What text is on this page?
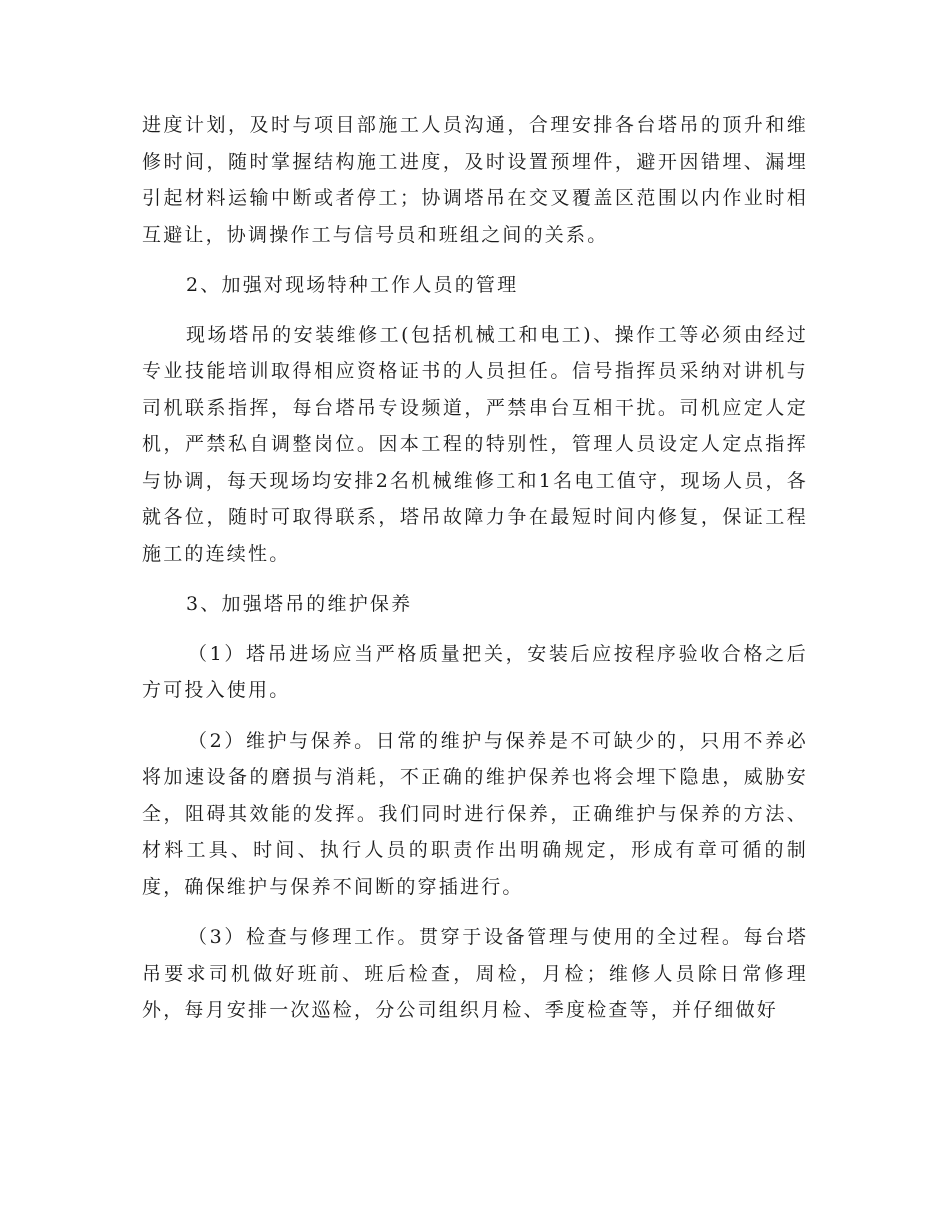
进度计划，及时与项目部施工人员沟通，合理安排各台塔吊的顶升和维修时间，随时掌握结构施工进度，及时设置预埋件，避开因错埋、漏埋引起材料运输中断或者停工；协调塔吊在交叉覆盖区范围以内作业时相互避让，协调操作工与信号员和班组之间的关系。

2、加强对现场特种工作人员的管理

现场塔吊的安装维修工(包括机械工和电工)、操作工等必须由经过专业技能培训取得相应资格证书的人员担任。信号指挥员采纳对讲机与司机联系指挥，每台塔吊专设频道，严禁串台互相干扰。司机应定人定机，严禁私自调整岗位。因本工程的特别性，管理人员设定人定点指挥与协调，每天现场均安排2名机械维修工和1名电工值守，现场人员，各就各位，随时可取得联系，塔吊故障力争在最短时间内修复，保证工程施工的连续性。

3、加强塔吊的维护保养

（1）塔吊进场应当严格质量把关，安装后应按程序验收合格之后方可投入使用。

（2）维护与保养。日常的维护与保养是不可缺少的，只用不养必将加速设备的磨损与消耗，不正确的维护保养也将会埋下隐患，威胁安全，阻碍其效能的发挥。我们同时进行保养，正确维护与保养的方法、材料工具、时间、执行人员的职责作出明确规定，形成有章可循的制度，确保维护与保养不间断的穿插进行。

（3）检查与修理工作。贯穿于设备管理与使用的全过程。每台塔吊要求司机做好班前、班后检查，周检，月检；维修人员除日常修理外，每月安排一次巡检，分公司组织月检、季度检查等，并仔细做好
